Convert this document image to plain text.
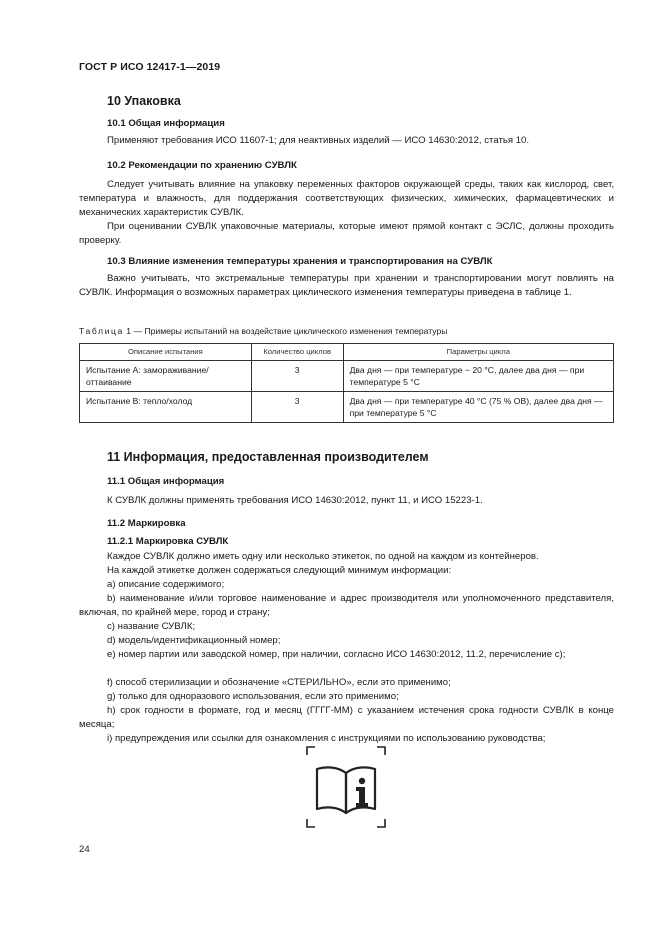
ГОСТ Р ИСО 12417-1—2019
10 Упаковка
10.1 Общая информация
Применяют требования ИСО 11607-1; для неактивных изделий — ИСО 14630:2012, статья 10.
10.2 Рекомендации по хранению СУВЛК
Следует учитывать влияние на упаковку переменных факторов окружающей среды, таких как кислород, свет, температура и влажность, для поддержания соответствующих физических, химических, фармацевтических и механических характеристик СУВЛК.
При оценивании СУВЛК упаковочные материалы, которые имеют прямой контакт с ЭСЛС, должны проходить проверку.
10.3 Влияние изменения температуры хранения и транспортирования на СУВЛК
Важно учитывать, что экстремальные температуры при хранении и транспортировании могут повлиять на СУВЛК. Информация о возможных параметрах циклического изменения температуры приведена в таблице 1.
Таблица 1 — Примеры испытаний на воздействие циклического изменения температуры
Описание испытания	Количество циклов	Параметры цикла
Испытание А: замораживание/оттаивание	3	Два дня — при температуре − 20 °C, далее два дня — при температуре 5 °C
Испытание В: тепло/холод	3	Два дня — при температуре 40 °C (75 % ОВ), далее два дня — при температуре 5 °C
11 Информация, предоставленная производителем
11.1 Общая информация
К СУВЛК должны применять требования ИСО 14630:2012, пункт 11, и ИСО 15223-1.
11.2 Маркировка
11.2.1 Маркировка СУВЛК
Каждое СУВЛК должно иметь одну или несколько этикеток, по одной на каждом из контейнеров.
На каждой этикетке должен содержаться следующий минимум информации:
a) описание содержимого;
b) наименование и/или торговое наименование и адрес производителя или уполномоченного представителя, включая, по крайней мере, город и страну;
c) название СУВЛК;
d) модель/идентификационный номер;
e) номер партии или заводской номер, при наличии, согласно ИСО 14630:2012, 11.2, перечисление с);
f) способ стерилизации и обозначение «СТЕРИЛЬНО», если это применимо;
g) только для одноразового использования, если это применимо;
h) срок годности в формате, год и месяц (ГГГГ-ММ) с указанием истечения срока годности СУВЛК в конце месяца;
i) предупреждения или ссылки для ознакомления с инструкциями по использованию руководства;
24
